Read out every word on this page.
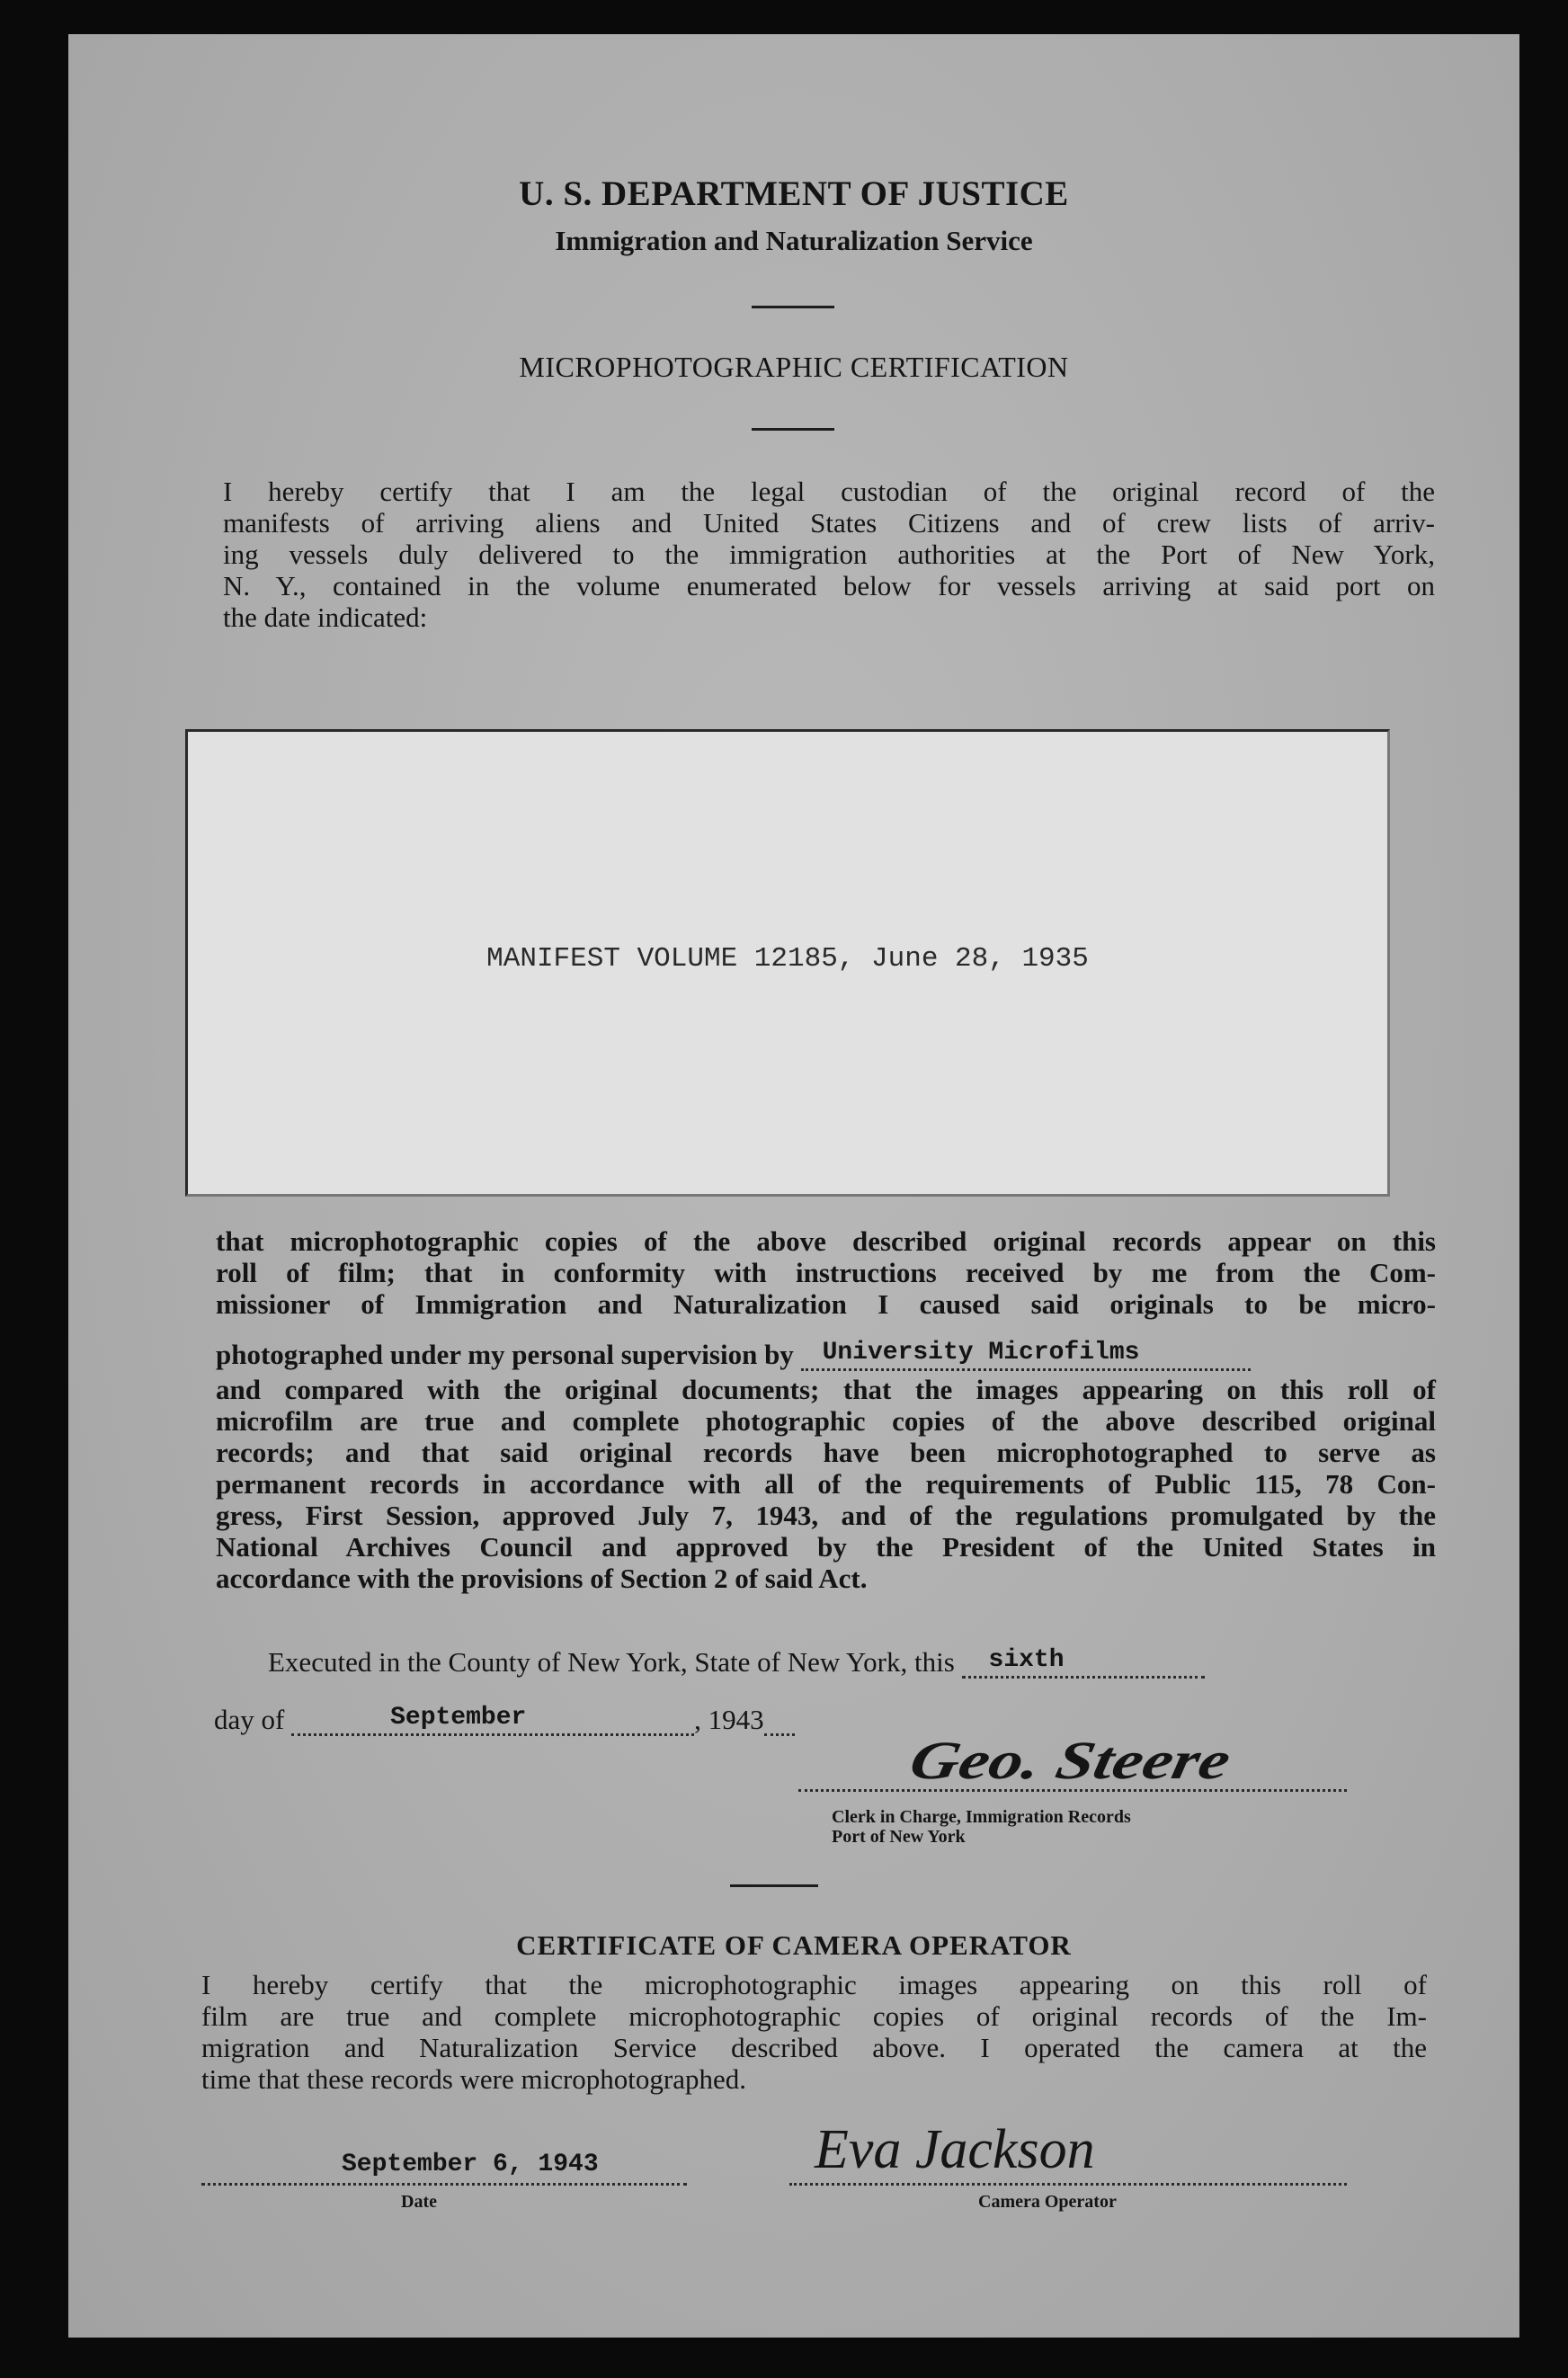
U. S. DEPARTMENT OF JUSTICE
Immigration and Naturalization Service
MICROPHOTOGRAPHIC CERTIFICATION
I hereby certify that I am the legal custodian of the original record of the
manifests of arriving aliens and United States Citizens and of crew lists of arriv-
ing vessels duly delivered to the immigration authorities at the Port of New York,
N. Y., contained in the volume enumerated below for vessels arriving at said port on
the date indicated:
MANIFEST VOLUME 12185, June 28, 1935
that microphotographic copies of the above described original records appear on this
roll of film; that in conformity with instructions received by me from the Com-
missioner of Immigration and Naturalization I caused said originals to be micro-
photographed under my personal supervision by University Microfilms
and compared with the original documents; that the images appearing on this roll of
microfilm are true and complete photographic copies of the above described original
records; and that said original records have been microphotographed to serve as
permanent records in accordance with all of the requirements of Public 115, 78 Con-
gress, First Session, approved July 7, 1943, and of the regulations promulgated by the
National Archives Council and approved by the President of the United States in
accordance with the provisions of Section 2 of said Act.
Executed in the County of New York, State of New York, this sixth
day of	September	, 1943
Geo. Steere
Clerk in Charge, Immigration Records
Port of New York
CERTIFICATE OF CAMERA OPERATOR
I hereby certify that the microphotographic images appearing on this roll of
film are true and complete microphotographic copies of original records of the Im-
migration and Naturalization Service described above. I operated the camera at the
time that these records were microphotographed.
September 6, 1943
Date
Eva Jackson
Camera Operator
